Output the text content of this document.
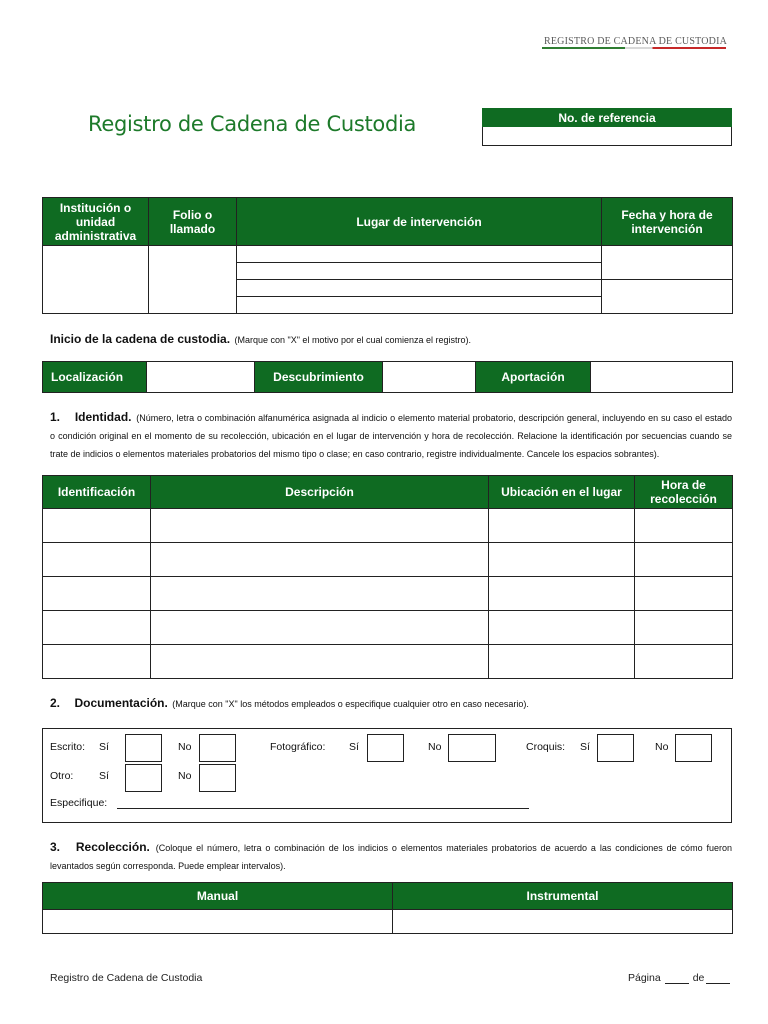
REGISTRO DE CADENA DE CUSTODIA
Registro de Cadena de Custodia	No. de referencia
Institución o unidad administrativa	Folio o llamado	Lugar de intervención	Fecha y hora de intervención

Inicio de la cadena de custodia. (Marque con "X" el motivo por el cual comienza el registro).
Localización		Descubrimiento		Aportación	
1. Identidad. (Número, letra o combinación alfanumérica asignada al indicio o elemento material probatorio, descripción general, incluyendo en su caso el estado o condición original en el momento de su recolección, ubicación en el lugar de intervención y hora de recolección. Relacione la identificación por secuencias cuando se trate de indicios o elementos materiales probatorios del mismo tipo o clase; en caso contrario, registre individualmente. Cancele los espacios sobrantes).
Identificación	Descripción	Ubicación en el lugar	Hora de recolección

2. Documentación. (Marque con "X" los métodos empleados o especifique cualquier otro en caso necesario).
Escrito: Sí	No	Fotográfico: Sí	No	Croquis: Sí	No
Otro: Sí	No
Especifique:
3. Recolección. (Coloque el número, letra o combinación de los indicios o elementos materiales probatorios de acuerdo a las condiciones de cómo fueron levantados según corresponda. Puede emplear intervalos).
Manual	Instrumental

Registro de Cadena de Custodia	Página	de
